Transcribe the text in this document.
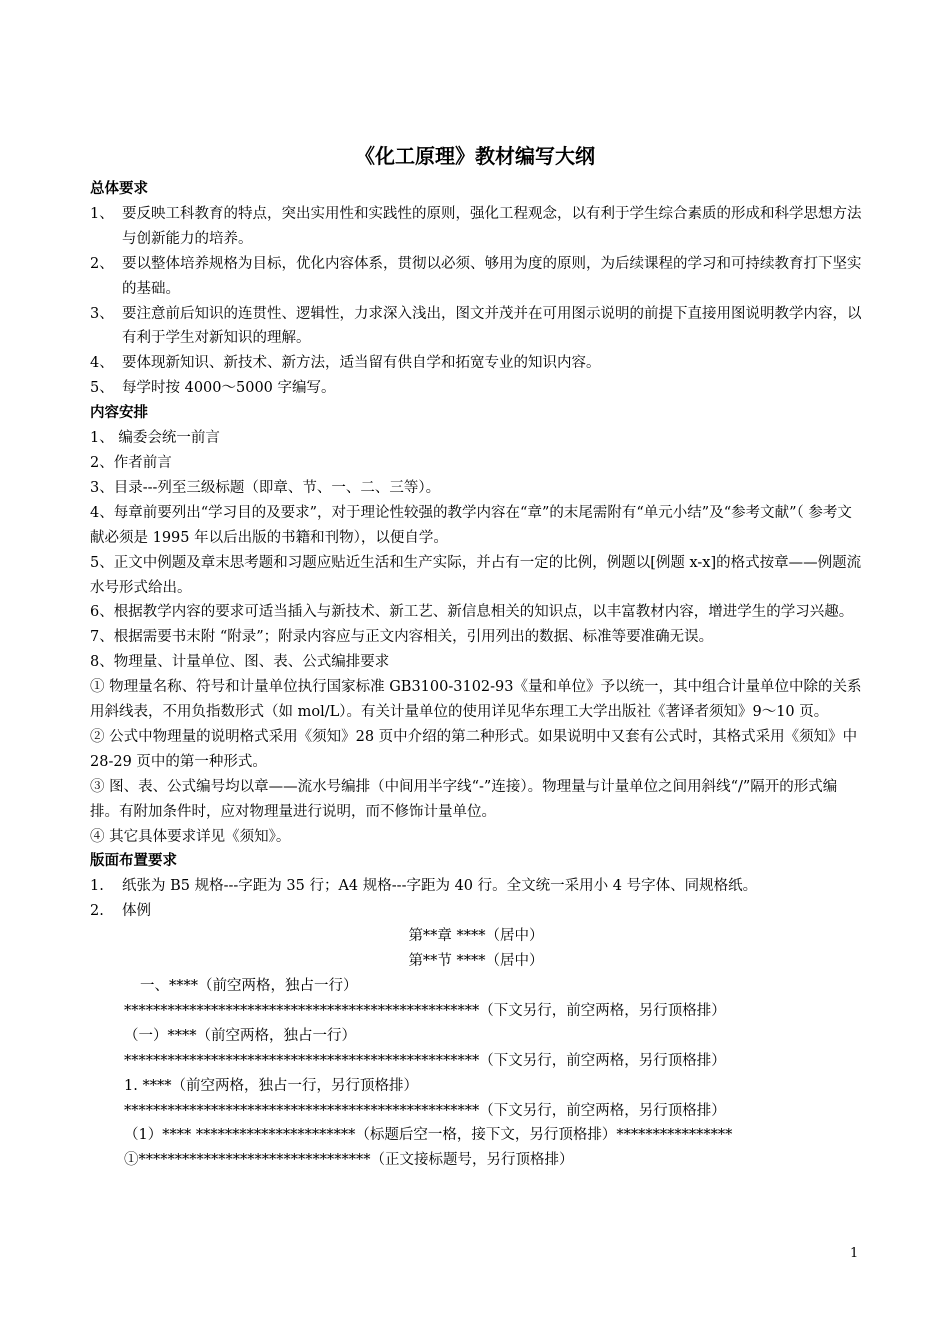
《化工原理》教材编写大纲

总体要求

1、 要反映工科教育的特点，突出实用性和实践性的原则，强化工程观念，以有利于学生综合素质的形成和科学思想方法与创新能力的培养。
2、 要以整体培养规格为目标，优化内容体系，贯彻以必须、够用为度的原则，为后续课程的学习和可持续教育打下坚实的基础。
3、 要注意前后知识的连贯性、逻辑性，力求深入浅出，图文并茂并在可用图示说明的前提下直接用图说明教学内容，以有利于学生对新知识的理解。
4、 要体现新知识、新技术、新方法，适当留有供自学和拓宽专业的知识内容。
5、 每学时按 4000～5000 字编写。

内容安排

1、 编委会统一前言

2、作者前言

3、目录---列至三级标题（即章、节、一、二、三等）。

4、每章前要列出“学习目的及要求”，对于理论性较强的教学内容在“章”的末尾需附有“单元小结”及“参考文献”（ 参考文献必须是 1995 年以后出版的书籍和刊物），以便自学。

5、正文中例题及章末思考题和习题应贴近生活和生产实际，并占有一定的比例，例题以[例题 x-x]的格式按章——例题流水号形式给出。

6、根据教学内容的要求可适当插入与新技术、新工艺、新信息相关的知识点，以丰富教材内容，增进学生的学习兴趣。

7、根据需要书末附 “附录”；附录内容应与正文内容相关，引用列出的数据、标准等要准确无误。

8、物理量、计量单位、图、表、公式编排要求

① 物理量名称、符号和计量单位执行国家标准 GB3100-3102-93《量和单位》予以统一，其中组合计量单位中除的关系用斜线表，不用负指数形式（如 mol/L）。有关计量单位的使用详见华东理工大学出版社《著译者须知》9～10 页。

② 公式中物理量的说明格式采用《须知》28 页中介绍的第二种形式。如果说明中又套有公式时，其格式采用《须知》中 28-29 页中的第一种形式。

③ 图、表、公式编号均以章——流水号编排（中间用半字线“-”连接）。物理量与计量单位之间用斜线“/”隔开的形式编排。有附加条件时，应对物理量进行说明，而不修饰计量单位。

④ 其它具体要求详见《须知》。

版面布置要求

1.	纸张为 B5 规格---字距为 35 行；A4 规格---字距为 40 行。全文统一采用小 4 号字体、同规格纸。
2.	体例

第**章 ****（居中）

第**节 ****（居中）

一、****（前空两格，独占一行）

*************************************************（下文另行，前空两格，另行顶格排）

（一）****（前空两格，独占一行）

*************************************************（下文另行，前空两格，另行顶格排）

1. ****（前空两格，独占一行，另行顶格排）

*************************************************（下文另行，前空两格，另行顶格排）

（1）**** **********************（标题后空一格，接下文，另行顶格排）****************

①********************************（正文接标题号，另行顶格排）

1
